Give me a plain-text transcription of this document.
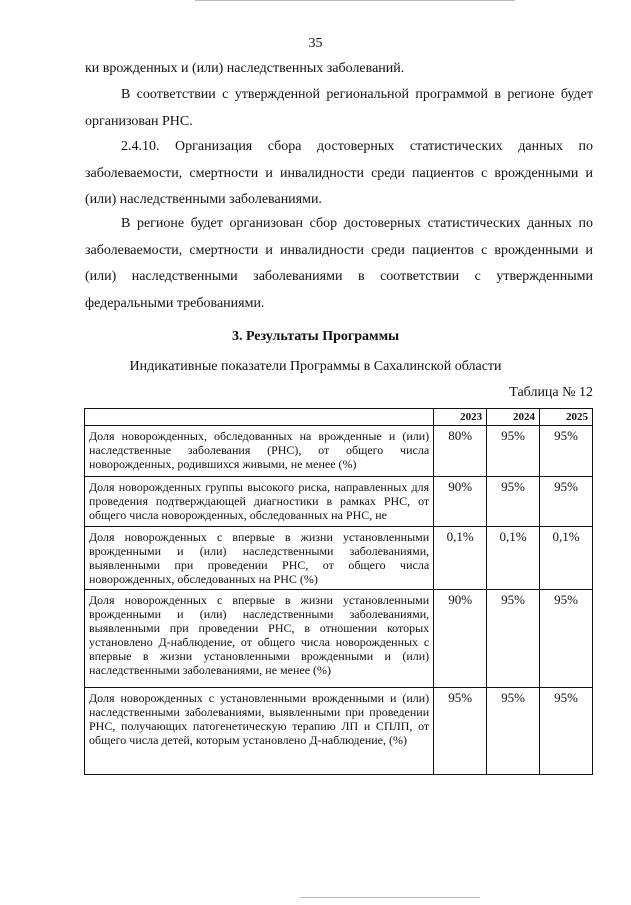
35

ки врожденных и (или) наследственных заболеваний.

В соответствии с утвержденной региональной программой в регионе будет организован РНС.

2.4.10. Организация сбора достоверных статистических данных по заболеваемости, смертности и инвалидности среди пациентов с врожденными и (или) наследственными заболеваниями.

В регионе будет организован сбор достоверных статистических данных по заболеваемости, смертности и инвалидности среди пациентов с врожденными и (или) наследственными заболеваниями в соответствии с утвержденными федеральными требованиями.

3. Результаты Программы
Индикативные показатели Программы в Сахалинской области
Таблица № 12
	2023	2024	2025
Доля новорожденных, обследованных на врожденные и (или) наследственные заболевания (РНС), от общего числа новорожденных, родившихся живыми, не менее (%)	80%	95%	95%
Доля новорожденных группы высокого риска, направленных для проведения подтверждающей диагностики в рамках РНС, от общего числа новорожденных, обследованных на РНС, не	90%	95%	95%
Доля новорожденных с впервые в жизни установленными врожденными и (или) наследственными заболеваниями, выявленными при проведении РНС, от общего числа новорожденных, обследованных на РНС (%)	0,1%	0,1%	0,1%
Доля новорожденных с впервые в жизни установленными врожденными и (или) наследственными заболеваниями, выявленными при проведении РНС, в отношении которых установлено Д-наблюдение, от общего числа новорожденных с впервые в жизни установленными врожденными и (или) наследственными заболеваниями, не менее (%)	90%	95%	95%
Доля новорожденных с установленными врожденными и (или) наследственными заболеваниями, выявленными при проведении РНС, получающих патогенетическую терапию ЛП и СПЛП, от общего числа детей, которым установлено Д-наблюдение, (%)	95%	95%	95%
